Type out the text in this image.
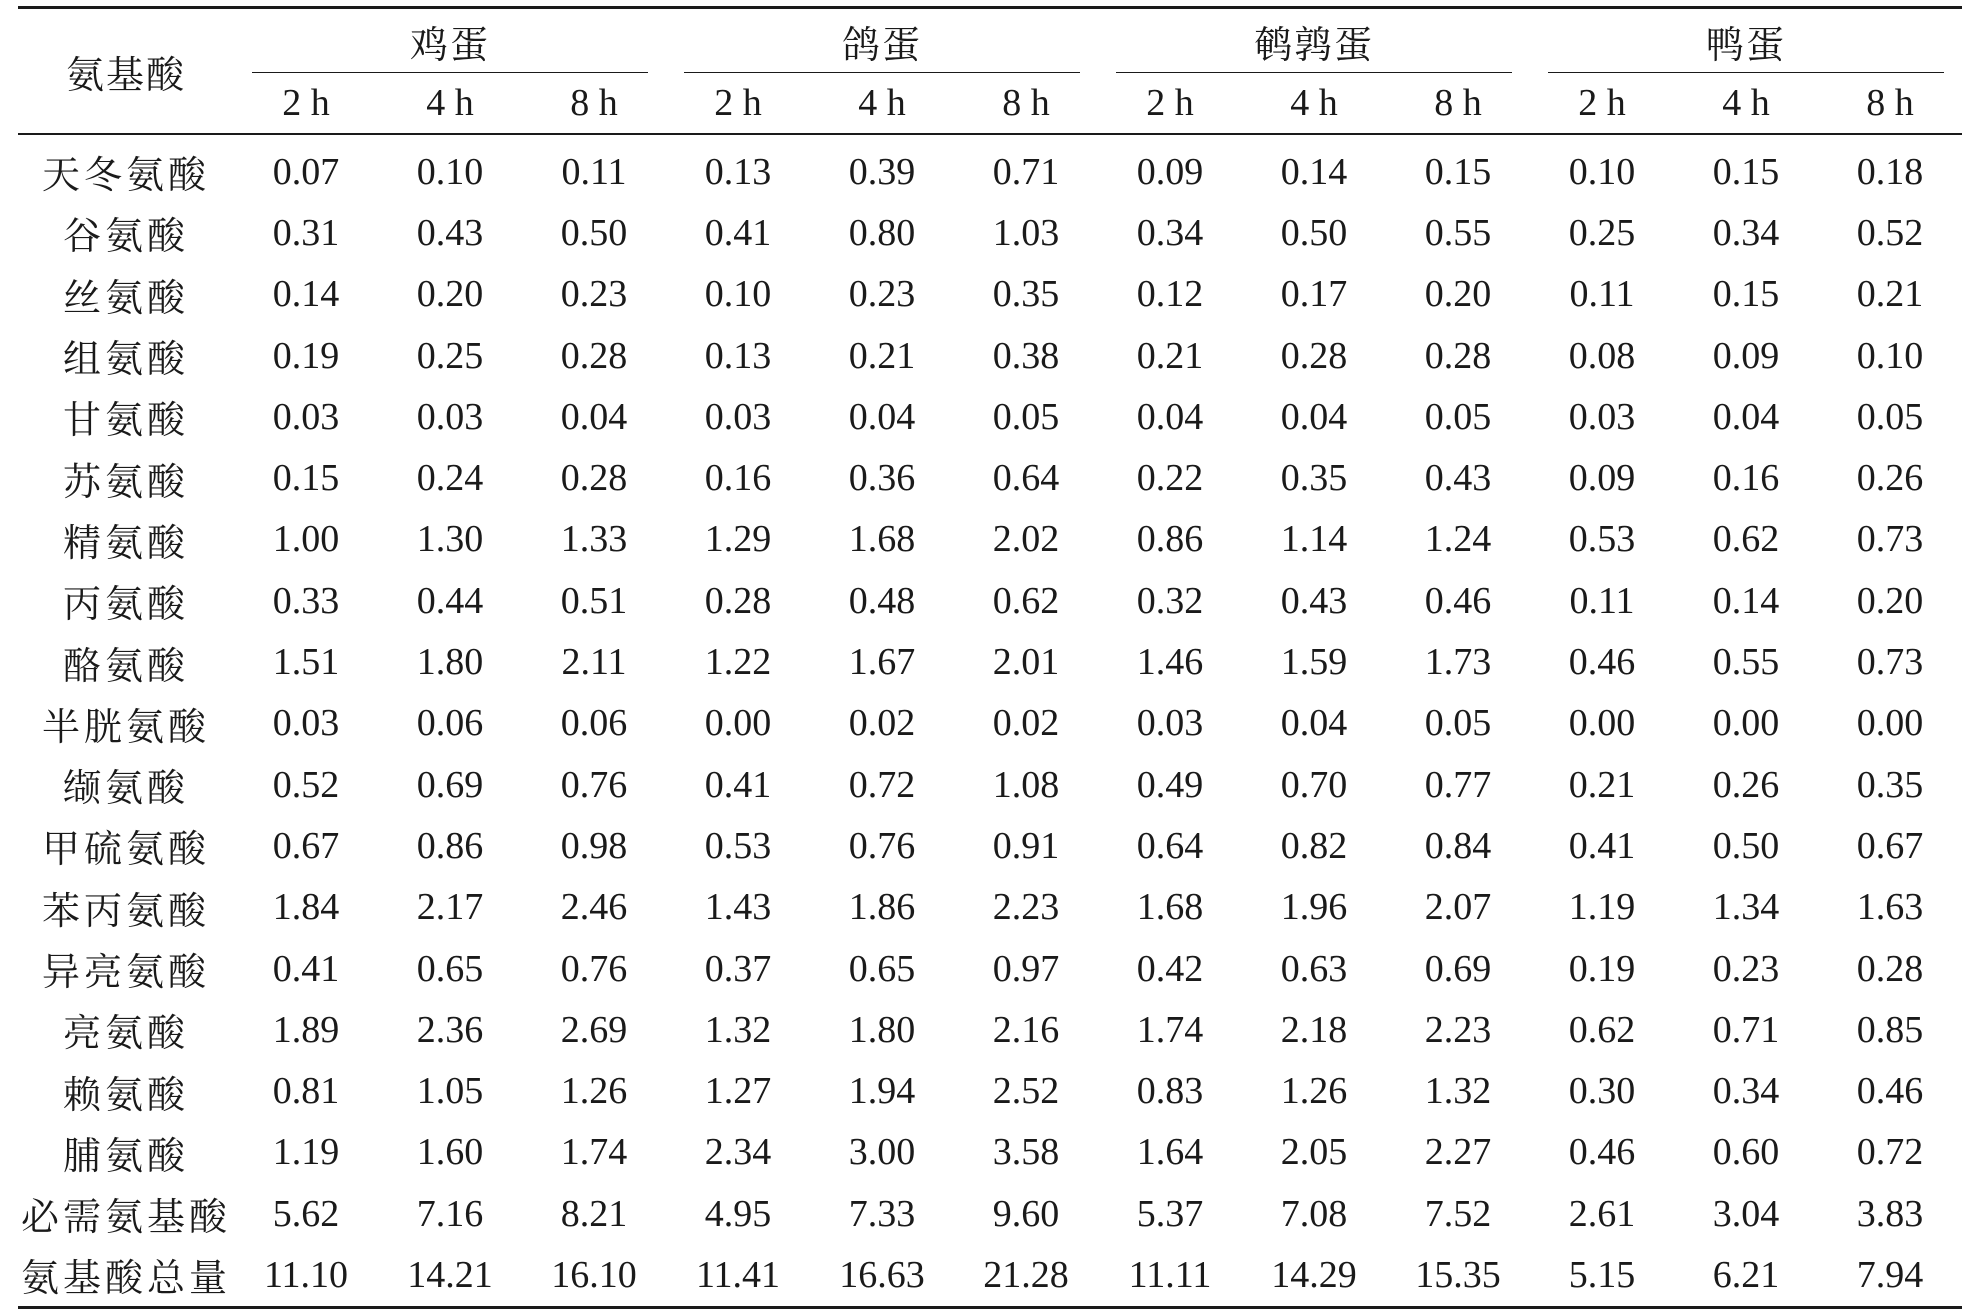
氨基酸	鸡蛋			鸽蛋			鹌鹑蛋			鸭蛋		

	2 h	4 h	8 h	2 h	4 h	8 h	2 h	4 h	8 h	2 h	4 h	8 h
天冬氨酸	0.07	0.10	0.11	0.13	0.39	0.71	0.09	0.14	0.15	0.10	0.15	0.18
谷氨酸	0.31	0.43	0.50	0.41	0.80	1.03	0.34	0.50	0.55	0.25	0.34	0.52
丝氨酸	0.14	0.20	0.23	0.10	0.23	0.35	0.12	0.17	0.20	0.11	0.15	0.21
组氨酸	0.19	0.25	0.28	0.13	0.21	0.38	0.21	0.28	0.28	0.08	0.09	0.10
甘氨酸	0.03	0.03	0.04	0.03	0.04	0.05	0.04	0.04	0.05	0.03	0.04	0.05
苏氨酸	0.15	0.24	0.28	0.16	0.36	0.64	0.22	0.35	0.43	0.09	0.16	0.26
精氨酸	1.00	1.30	1.33	1.29	1.68	2.02	0.86	1.14	1.24	0.53	0.62	0.73
丙氨酸	0.33	0.44	0.51	0.28	0.48	0.62	0.32	0.43	0.46	0.11	0.14	0.20
酪氨酸	1.51	1.80	2.11	1.22	1.67	2.01	1.46	1.59	1.73	0.46	0.55	0.73
半胱氨酸	0.03	0.06	0.06	0.00	0.02	0.02	0.03	0.04	0.05	0.00	0.00	0.00
缬氨酸	0.52	0.69	0.76	0.41	0.72	1.08	0.49	0.70	0.77	0.21	0.26	0.35
甲硫氨酸	0.67	0.86	0.98	0.53	0.76	0.91	0.64	0.82	0.84	0.41	0.50	0.67
苯丙氨酸	1.84	2.17	2.46	1.43	1.86	2.23	1.68	1.96	2.07	1.19	1.34	1.63
异亮氨酸	0.41	0.65	0.76	0.37	0.65	0.97	0.42	0.63	0.69	0.19	0.23	0.28
亮氨酸	1.89	2.36	2.69	1.32	1.80	2.16	1.74	2.18	2.23	0.62	0.71	0.85
赖氨酸	0.81	1.05	1.26	1.27	1.94	2.52	0.83	1.26	1.32	0.30	0.34	0.46
脯氨酸	1.19	1.60	1.74	2.34	3.00	3.58	1.64	2.05	2.27	0.46	0.60	0.72
必需氨基酸	5.62	7.16	8.21	4.95	7.33	9.60	5.37	7.08	7.52	2.61	3.04	3.83
氨基酸总量	11.10	14.21	16.10	11.41	16.63	21.28	11.11	14.29	15.35	5.15	6.21	7.94
